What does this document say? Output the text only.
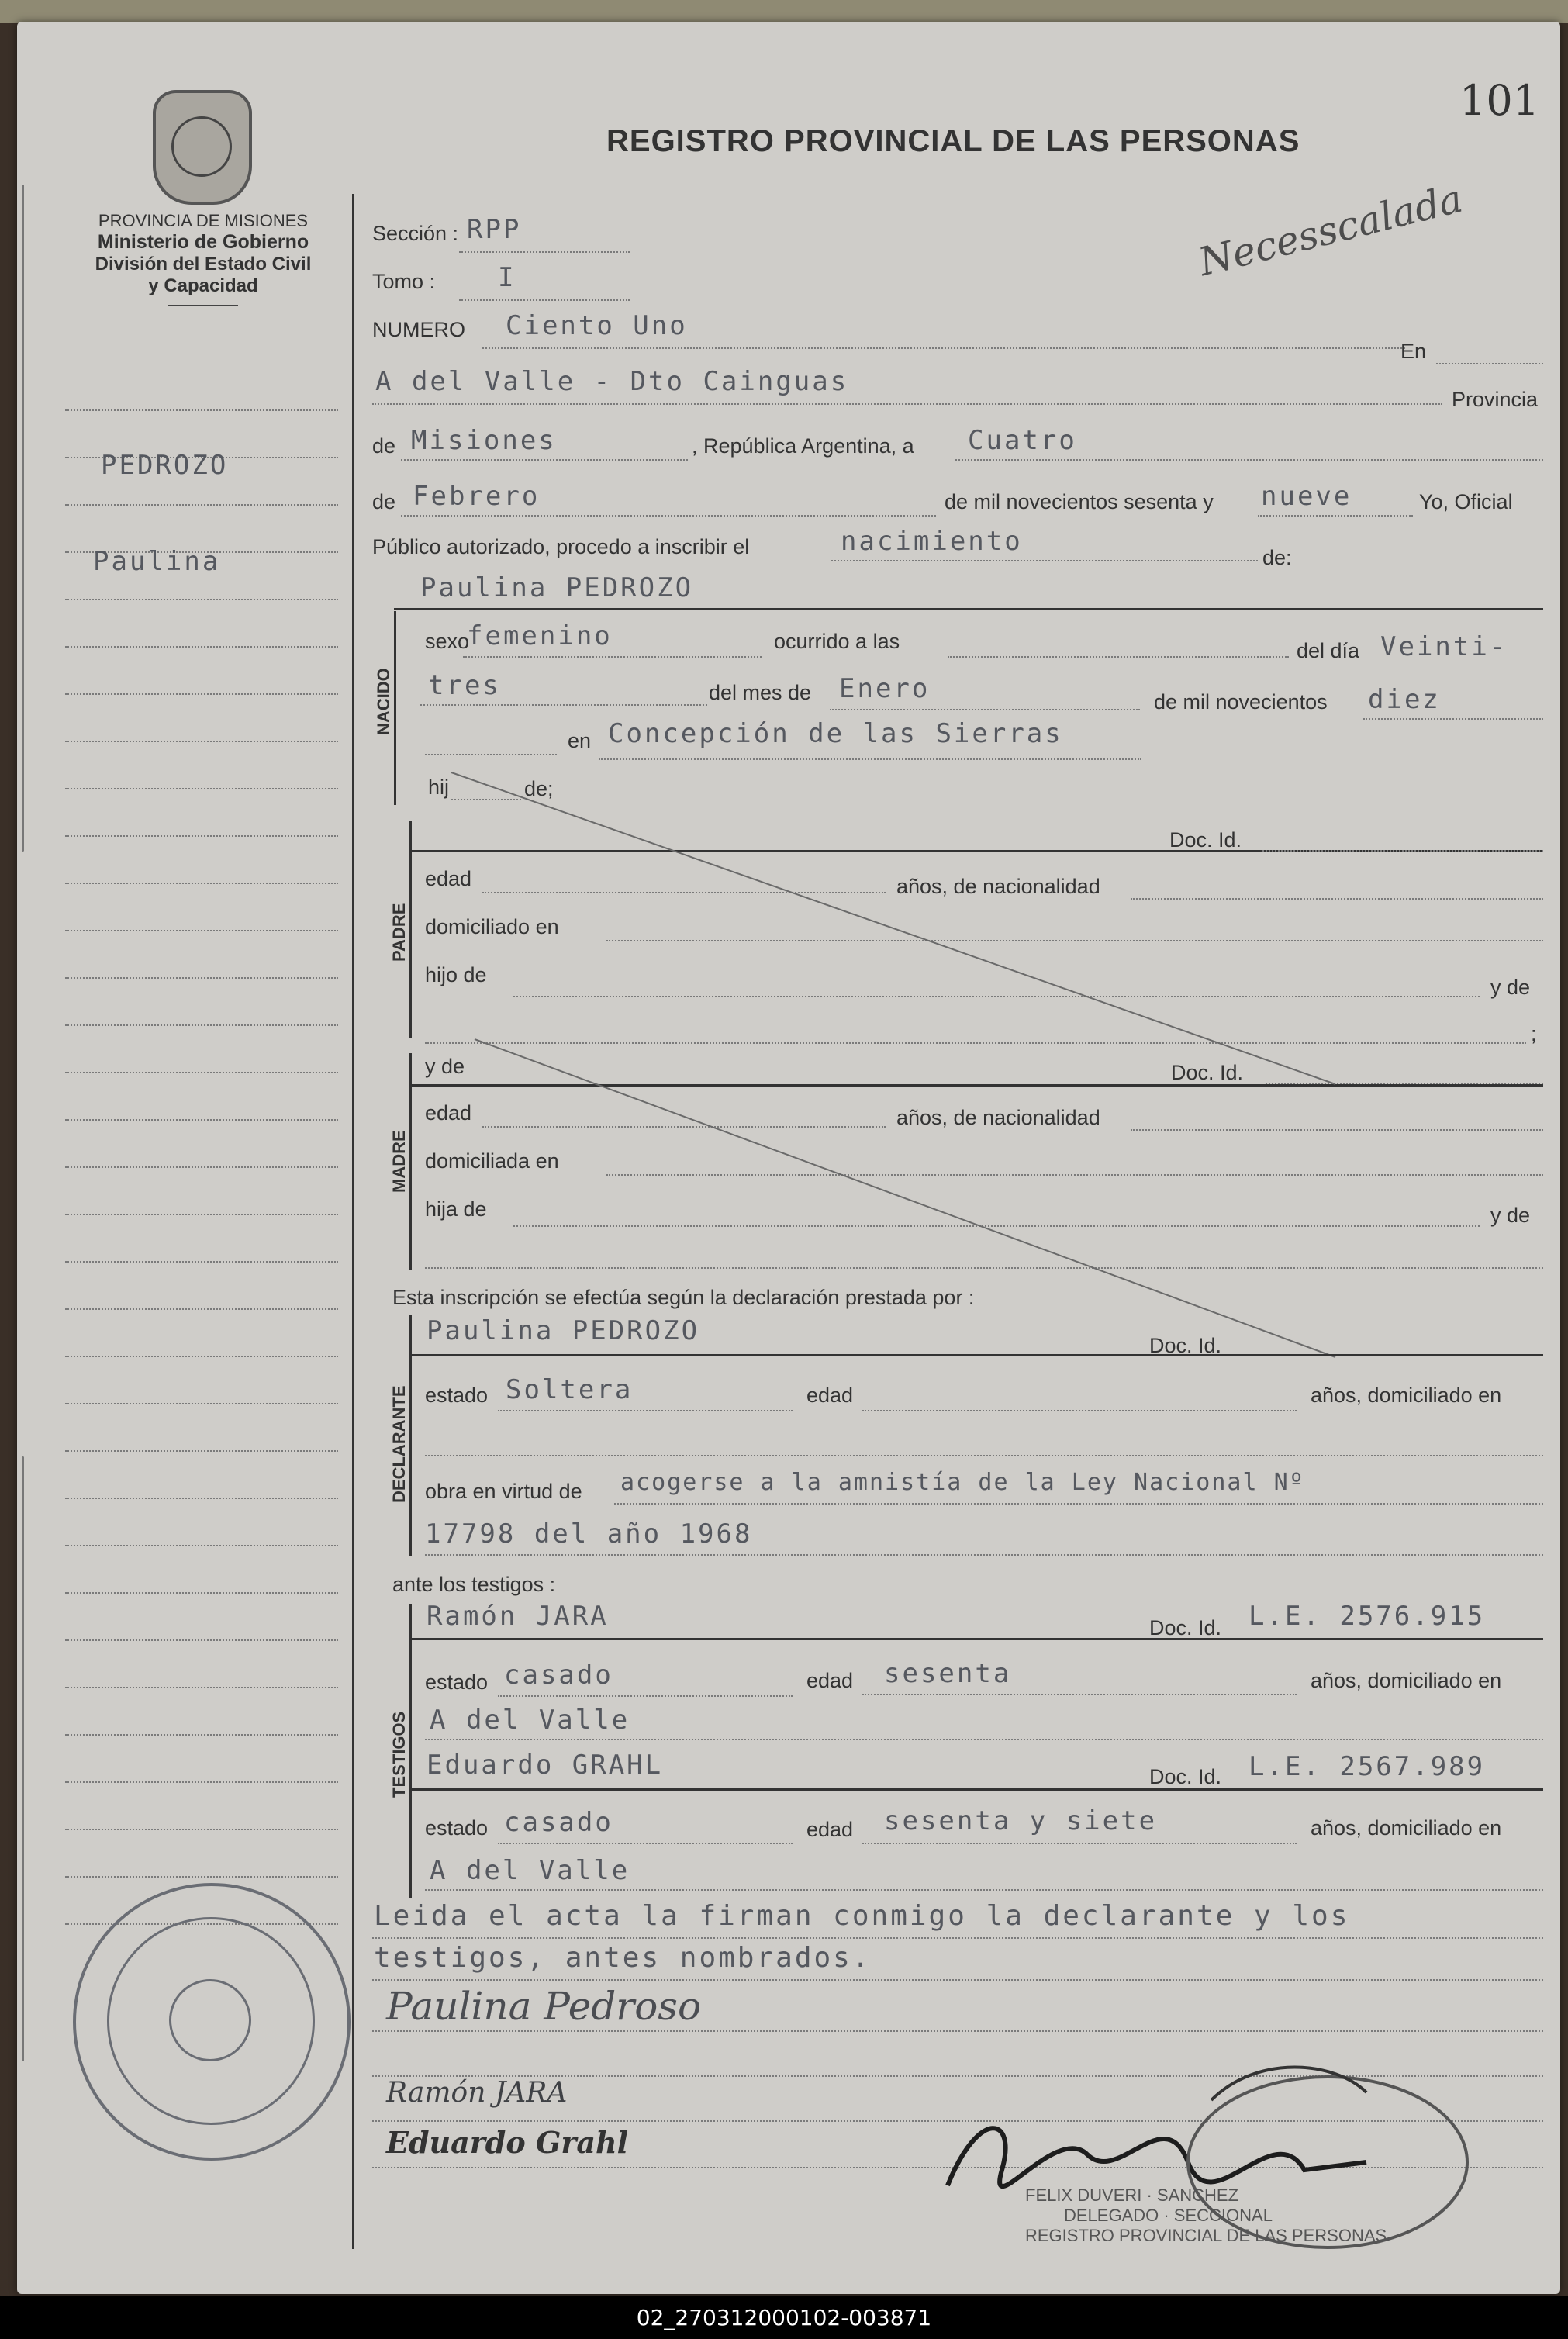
101
PROVINCIA DE MISIONES
Ministerio de Gobierno
División del Estado Civil
y Capacidad
REGISTRO PROVINCIAL DE LAS PERSONAS
Necesscalada
PEDROZO
Paulina
Sección : RPP
Tomo : I
NUMERO Ciento Uno
En
A del Valle - Dto Cainguas
Provincia
de Misiones	, República Argentina, a Cuatro
de Febrero	de mil novecientos sesenta y nueve	Yo, Oficial
Público autorizado, procedo a inscribir el	nacimiento
de:
NACIDO
Paulina PEDROZO
sexo
femenino	ocurrido a las	del día Veinti-
tres	del mes de Enero	de mil novecientos diez
en Concepción de las Sierras
hij	de;
PADRE
Doc. Id.
edad	años, de nacionalidad
domiciliado en
hijo de
y de
;
MADRE
y de	Doc. Id.
edad	años, de nacionalidad
domiciliada en
hija de	y de
Esta inscripción se efectúa según la declaración prestada por :
DECLARANTE
Paulina PEDROZO	Doc. Id.
estado Soltera	edad	años, domiciliado en
obra en virtud de acogerse a la amnistía de la Ley Nacional Nº
17798 del año 1968
ante los testigos :
TESTIGOS
Ramón JARA	Doc. Id. L.E. 2576.915
estado casado	edad sesenta	años, domiciliado en
A del Valle
Eduardo GRAHL	Doc. Id. L.E. 2567.989
estado casado	edad sesenta y siete	años, domiciliado en
A del Valle
Leida el acta la firman conmigo la declarante y los
testigos, antes nombrados.
Paulina Pedroso
Ramón JARA
Eduardo Grahl
FELIX DUVERI · SANCHEZ
DELEGADO · SECCIONAL
REGISTRO PROVINCIAL DE LAS PERSONAS
02_270312000102-003871
